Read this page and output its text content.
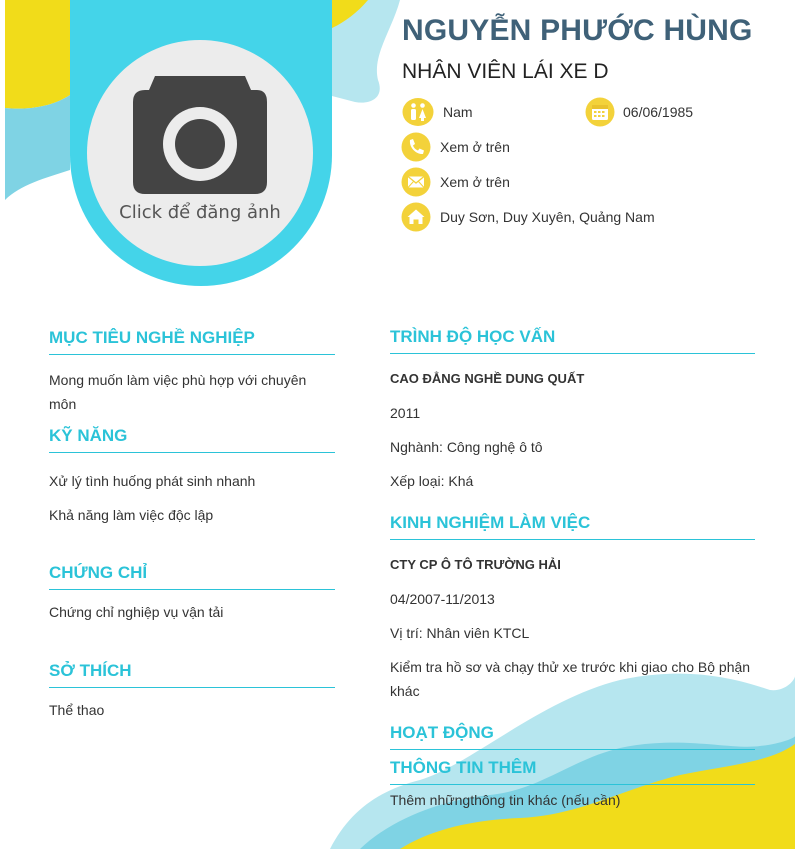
Click để đăng ảnh
NGUYỄN PHƯỚC HÙNG
NHÂN VIÊN LÁI XE D
Nam	06/06/1985
Xem ở trên
Xem ở trên
Duy Sơn, Duy Xuyên, Quảng Nam
MỤC TIÊU NGHỀ NGHIỆP
Mong muốn làm việc phù hợp với chuyên môn
KỸ NĂNG
Xử lý tình huống phát sinh nhanh
Khả năng làm việc độc lập
CHỨNG CHỈ
Chứng chỉ nghiệp vụ vận tải
SỞ THÍCH
Thể thao
TRÌNH ĐỘ HỌC VẤN
CAO ĐẲNG NGHỀ DUNG QUẤT
2011
Nghành: Công nghệ ô tô
Xếp loại: Khá
KINH NGHIỆM LÀM VIỆC
CTY CP Ô TÔ TRƯỜNG HẢI
04/2007-11/2013
Vị trí: Nhân viên KTCL
Kiểm tra hồ sơ và chạy thử xe trước khi giao cho Bộ phận khác
HOẠT ĐỘNG
THÔNG TIN THÊM
Thêm nhữngthông tin khác (nếu cần)
